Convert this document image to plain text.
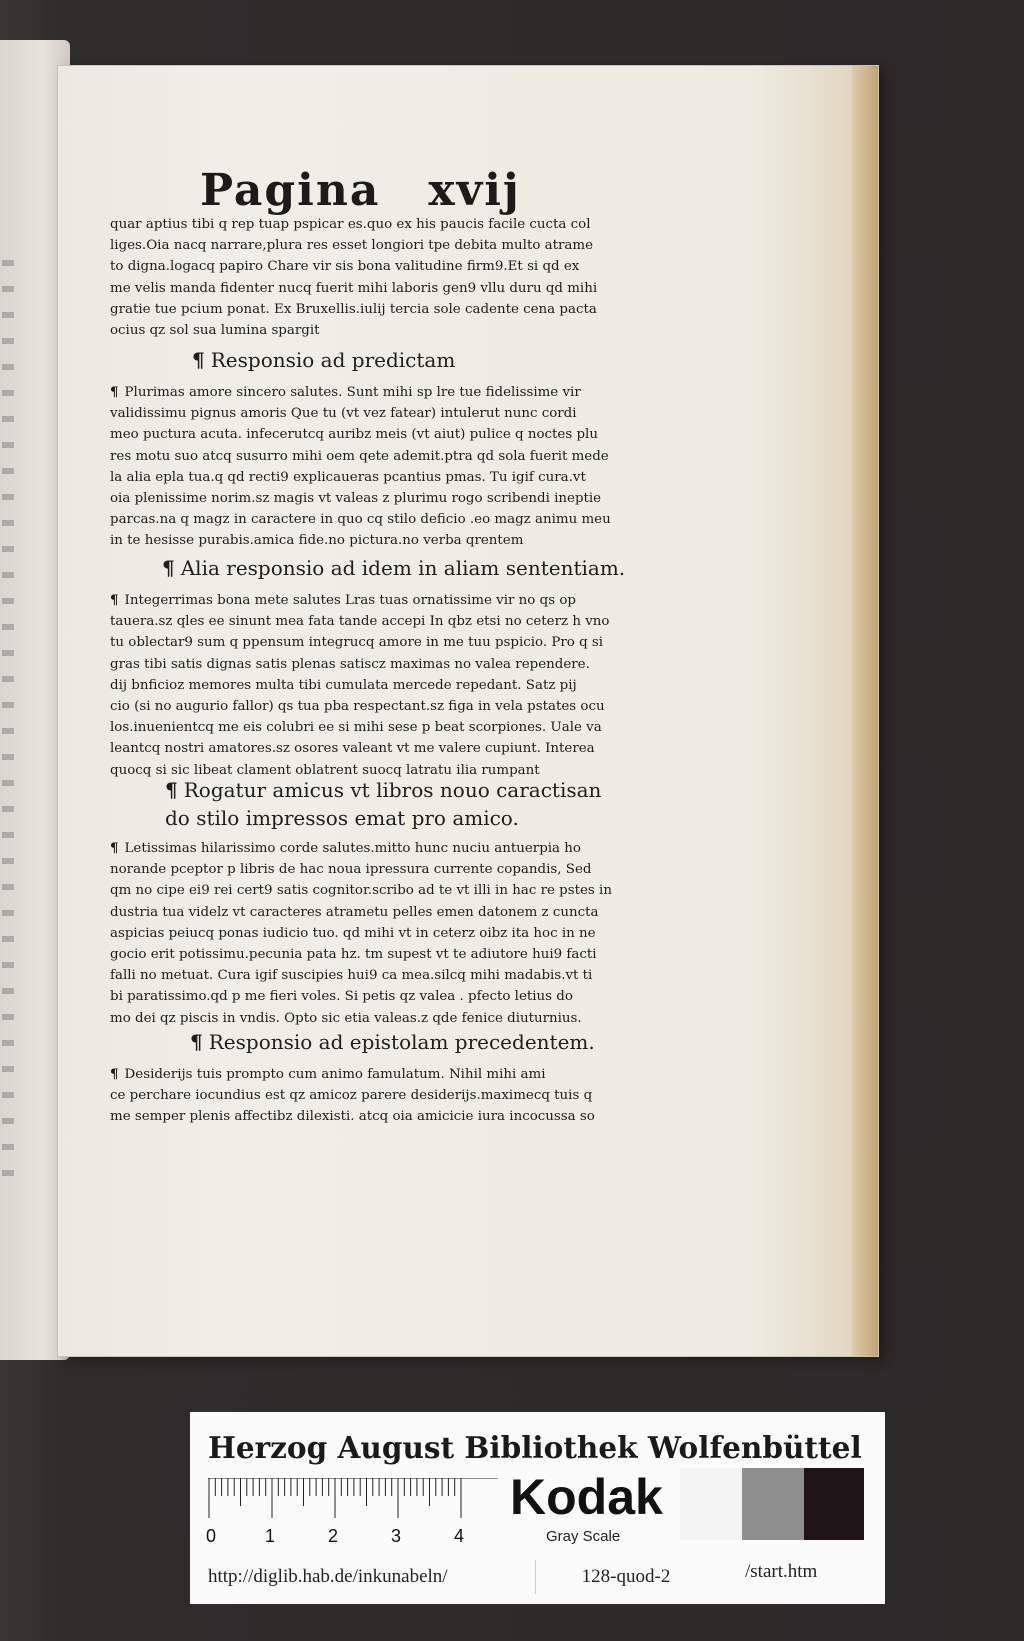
Pagina xvij
quar aptius tibi q rep tuap pspicar es.quo ex his paucis facile cucta col
liges.Oia nacq narrare,plura res esset longiori tpe debita multo atrame
to digna.logacq papiro Chare vir sis bona valitudine firm9.Et si qd ex
me velis manda fidenter nucq fuerit mihi laboris gen9 vllu duru qd mihi
gratie tue pcium ponat. Ex Bruxellis.iulij tercia sole cadente cena pacta
ocius qz sol sua lumina spargit
¶ Responsio ad predictam
¶ Plurimas amore sincero salutes. Sunt mihi sp lre tue fidelissime vir
validissimu pignus amoris Que tu (vt vez fatear) intulerut nunc cordi
meo puctura acuta. infecerutcq auribz meis (vt aiut) pulice q noctes plu
res motu suo atcq susurro mihi oem qete ademit.ptra qd sola fuerit mede
la alia epla tua.q qd recti9 explicaueras pcantius pmas. Tu igif cura.vt
oia plenissime norim.sz magis vt valeas z plurimu rogo scribendi ineptie
parcas.na q magz in caractere in quo cq stilo deficio .eo magz animu meu
in te hesisse purabis.amica fide.no pictura.no verba qrentem
¶ Alia responsio ad idem in aliam sententiam.
¶ Integerrimas bona mete salutes Lras tuas ornatissime vir no qs op
tauera.sz qles ee sinunt mea fata tande accepi In qbz etsi no ceterz h vno
tu oblectar9 sum q ppensum integrucq amore in me tuu pspicio. Pro q si
gras tibi satis dignas satis plenas satiscz maximas no valea rependere.
dij bnficioz memores multa tibi cumulata mercede repedant. Satz pij
cio (si no augurio fallor) qs tua pba respectant.sz figa in vela pstates ocu
los.inuenientcq me eis colubri ee si mihi sese p beat scorpiones. Uale va
leantcq nostri amatores.sz osores valeant vt me valere cupiunt. Interea
quocq si sic libeat clament oblatrent suocq latratu ilia rumpant
¶ Rogatur amicus vt libros nouo caractisan
do stilo impressos emat pro amico.
¶ Letissimas hilarissimo corde salutes.mitto hunc nuciu antuerpia ho
norande pceptor p libris de hac noua ipressura currente copandis, Sed
qm no cipe ei9 rei cert9 satis cognitor.scribo ad te vt illi in hac re pstes in
dustria tua videlz vt caracteres atrametu pelles emen datonem z cuncta
aspicias peiucq ponas iudicio tuo. qd mihi vt in ceterz oibz ita hoc in ne
gocio erit potissimu.pecunia pata hz. tm supest vt te adiutore hui9 facti
falli no metuat. Cura igif suscipies hui9 ca mea.silcq mihi madabis.vt ti
bi paratissimo.qd p me fieri voles. Si petis qz valea . pfecto letius do
mo dei qz piscis in vndis. Opto sic etia valeas.z qde fenice diuturnius.
¶ Responsio ad epistolam precedentem.
¶ Desiderijs tuis prompto cum animo famulatum. Nihil mihi ami
ce perchare iocundius est qz amicoz parere desiderijs.maximecq tuis q
me semper plenis affectibz dilexisti. atcq oia amicicie iura incocussa so
Herzog August Bibliothek Wolfenbüttel
0	1	2	3	4
Kodak
Gray Scale
http://diglib.hab.de/inkunabeln/	128-quod-2	/start.htm
